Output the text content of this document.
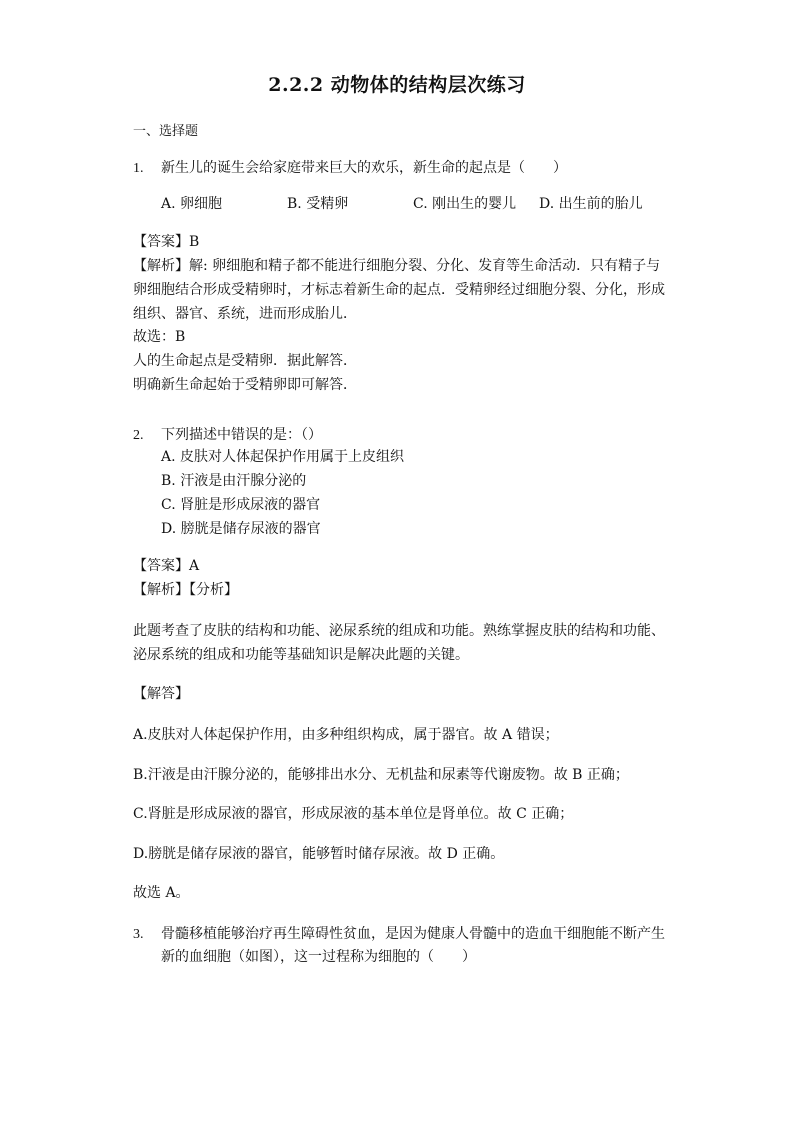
2.2.2 动物体的结构层次练习
一、选择题
1. 新生儿的诞生会给家庭带来巨大的欢乐，新生命的起点是（　　）
A. 卵细胞	B. 受精卵	C. 刚出生的婴儿 D. 出生前的胎儿
【答案】B
【解析】解: 卵细胞和精子都不能进行细胞分裂、分化、发育等生命活动．只有精子与
卵细胞结合形成受精卵时，才标志着新生命的起点．受精卵经过细胞分裂、分化，形成
组织、器官、系统，进而形成胎儿．
故选：B
人的生命起点是受精卵．据此解答．
明确新生命起始于受精卵即可解答．
2. 下列描述中错误的是：（）
A. 皮肤对人体起保护作用属于上皮组织
B. 汗液是由汗腺分泌的
C. 肾脏是形成尿液的器官
D. 膀胱是储存尿液的器官
【答案】A
【解析】【分析】
此题考查了皮肤的结构和功能、泌尿系统的组成和功能。熟练掌握皮肤的结构和功能、
泌尿系统的组成和功能等基础知识是解决此题的关键。
【解答】
A.皮肤对人体起保护作用，由多种组织构成，属于器官。故 A 错误；
B.汗液是由汗腺分泌的，能够排出水分、无机盐和尿素等代谢废物。故 B 正确；
C.肾脏是形成尿液的器官，形成尿液的基本单位是肾单位。故 C 正确；
D.膀胱是储存尿液的器官，能够暂时储存尿液。故 D 正确。
故选 A。
3. 骨髓移植能够治疗再生障碍性贫血，是因为健康人骨髓中的造血干细胞能不断产生
新的血细胞（如图），这一过程称为细胞的（　　）
